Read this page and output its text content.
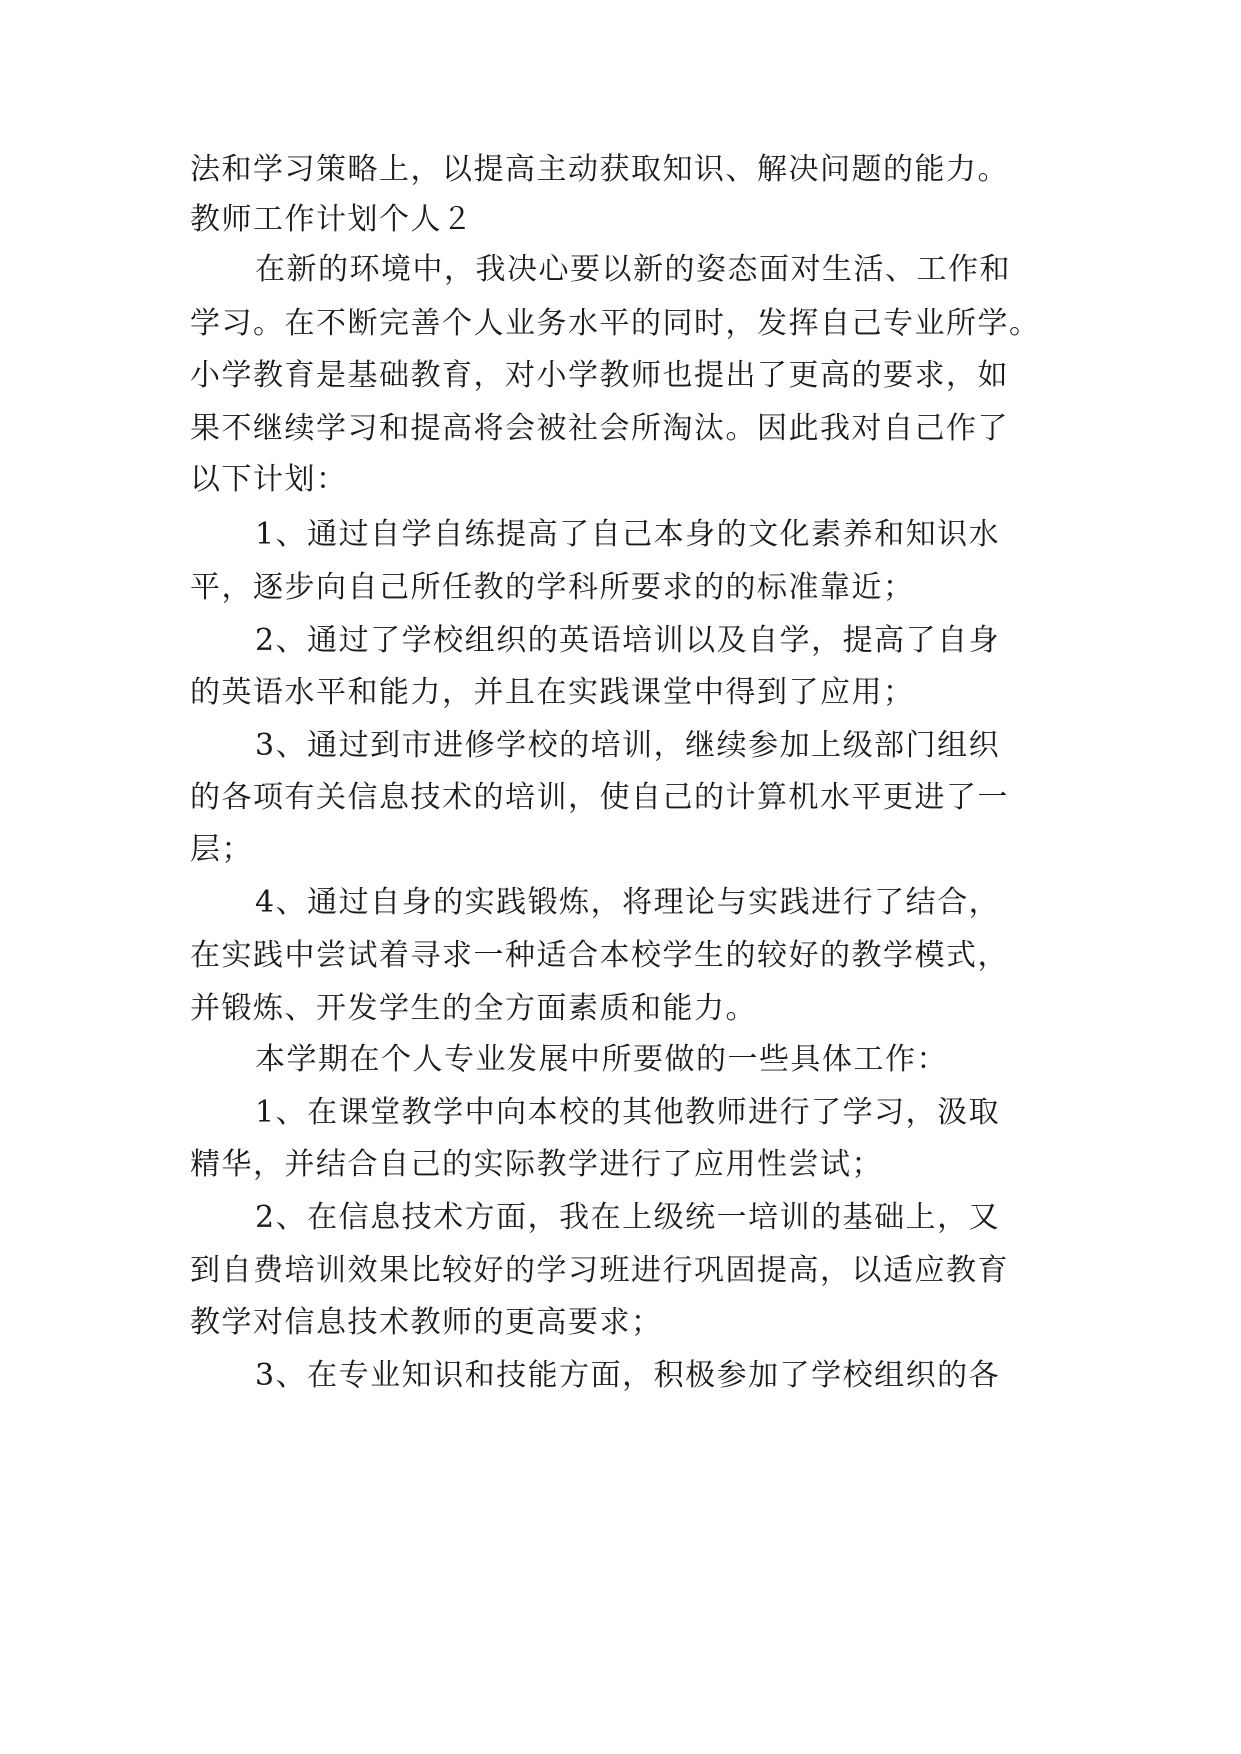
法和学习策略上，以提高主动获取知识、解决问题的能力。
教师工作计划个人２
在新的环境中，我决心要以新的姿态面对生活、工作和
学习。在不断完善个人业务水平的同时，发挥自己专业所学。
小学教育是基础教育，对小学教师也提出了更高的要求，如
果不继续学习和提高将会被社会所淘汰。因此我对自己作了
以下计划：
1、通过自学自练提高了自己本身的文化素养和知识水
平，逐步向自己所任教的学科所要求的的标准靠近；
2、通过了学校组织的英语培训以及自学，提高了自身
的英语水平和能力，并且在实践课堂中得到了应用；
3、通过到市进修学校的培训，继续参加上级部门组织
的各项有关信息技术的培训，使自己的计算机水平更进了一
层；
4、通过自身的实践锻炼，将理论与实践进行了结合，
在实践中尝试着寻求一种适合本校学生的较好的教学模式，
并锻炼、开发学生的全方面素质和能力。
本学期在个人专业发展中所要做的一些具体工作：
1、在课堂教学中向本校的其他教师进行了学习，汲取
精华，并结合自己的实际教学进行了应用性尝试；
2、在信息技术方面，我在上级统一培训的基础上，又
到自费培训效果比较好的学习班进行巩固提高，以适应教育
教学对信息技术教师的更高要求；
3、在专业知识和技能方面，积极参加了学校组织的各
